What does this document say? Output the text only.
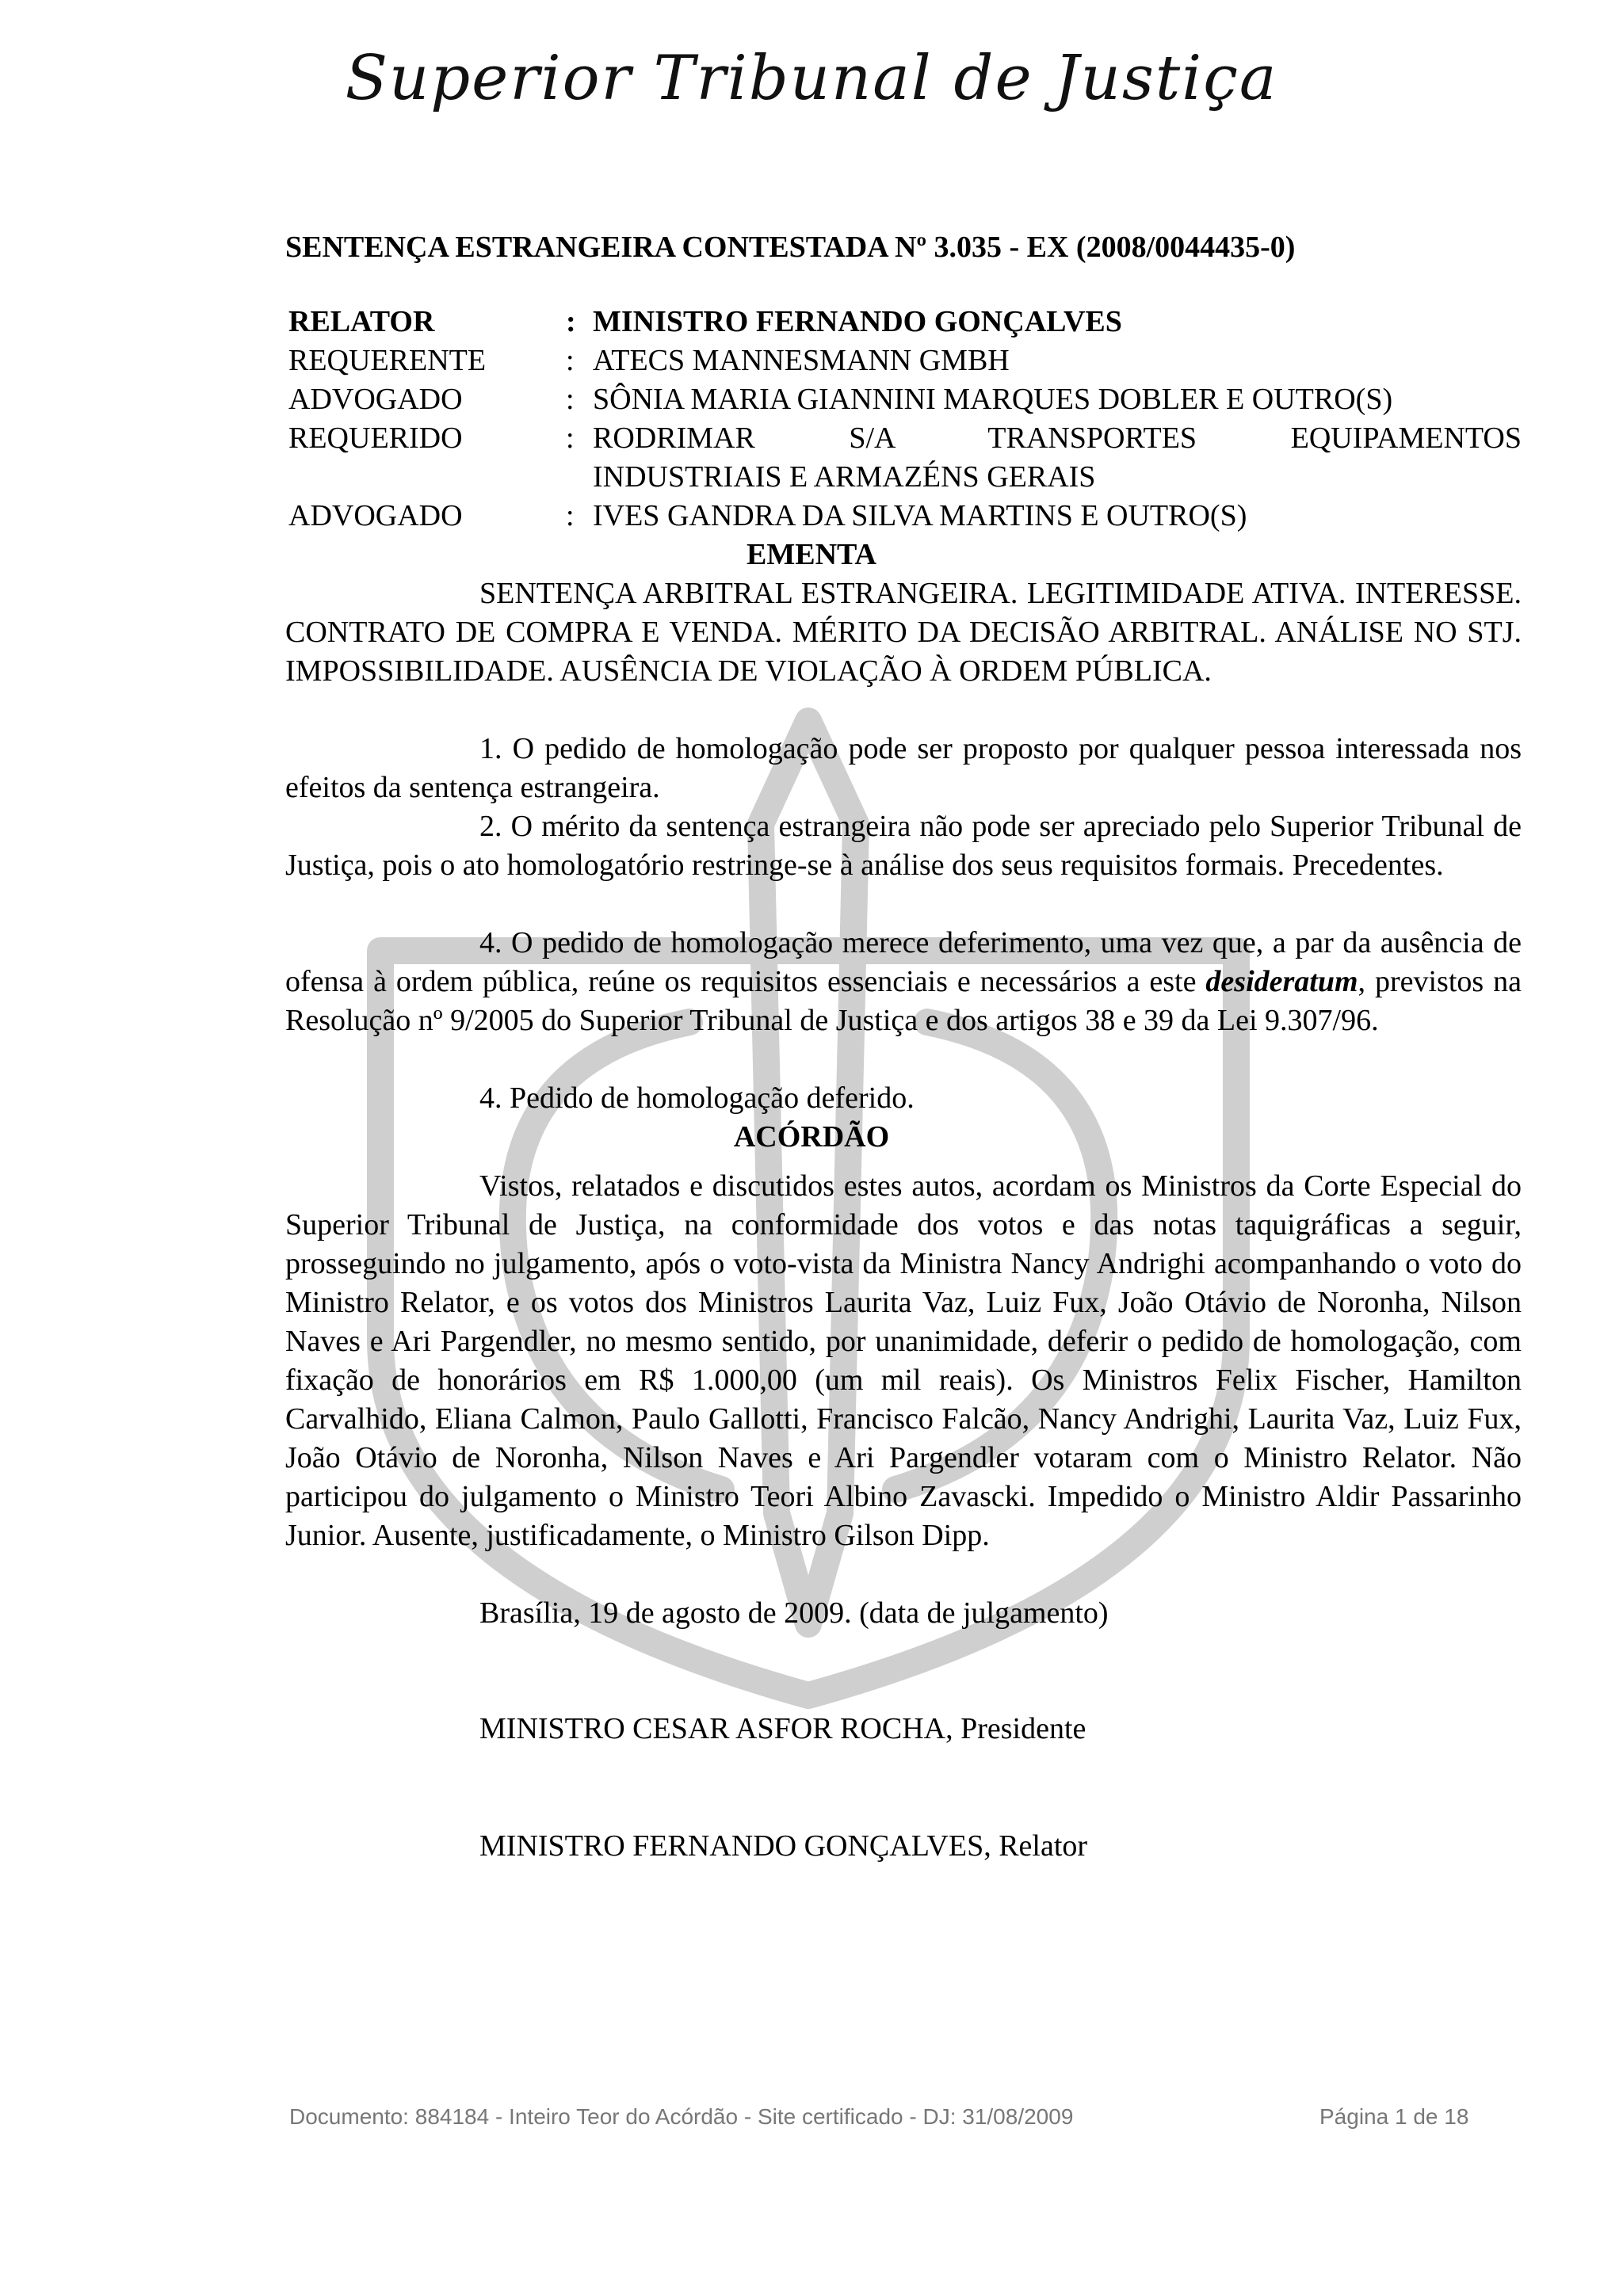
Superior Tribunal de Justiça
SENTENÇA ESTRANGEIRA CONTESTADA Nº 3.035 - EX (2008/0044435-0)
RELATOR	: MINISTRO FERNANDO GONÇALVES
REQUERENTE	: ATECS MANNESMANN GMBH
ADVOGADO	: SÔNIA MARIA GIANNINI MARQUES DOBLER E OUTRO(S)
REQUERIDO	: RODRIMAR S/A TRANSPORTES EQUIPAMENTOS
INDUSTRIAIS E ARMAZÉNS GERAIS
ADVOGADO	: IVES GANDRA DA SILVA MARTINS E OUTRO(S)
EMENTA

SENTENÇA ARBITRAL ESTRANGEIRA. LEGITIMIDADE ATIVA. INTERESSE. CONTRATO DE COMPRA E VENDA. MÉRITO DA DECISÃO ARBITRAL. ANÁLISE NO STJ. IMPOSSIBILIDADE. AUSÊNCIA DE VIOLAÇÃO À ORDEM PÚBLICA.

1. O pedido de homologação pode ser proposto por qualquer pessoa interessada nos efeitos da sentença estrangeira.

2. O mérito da sentença estrangeira não pode ser apreciado pelo Superior Tribunal de Justiça, pois o ato homologatório restringe-se à análise dos seus requisitos formais. Precedentes.

4. O pedido de homologação merece deferimento, uma vez que, a par da ausência de ofensa à ordem pública, reúne os requisitos essenciais e necessários a este desideratum, previstos na Resolução nº 9/2005 do Superior Tribunal de Justiça e dos artigos 38 e 39 da Lei 9.307/96.

4. Pedido de homologação deferido.
ACÓRDÃO

Vistos, relatados e discutidos estes autos, acordam os Ministros da Corte Especial do Superior Tribunal de Justiça, na conformidade dos votos e das notas taquigráficas a seguir, prosseguindo no julgamento, após o voto-vista da Ministra Nancy Andrighi acompanhando o voto do Ministro Relator, e os votos dos Ministros Laurita Vaz, Luiz Fux, João Otávio de Noronha, Nilson Naves e Ari Pargendler, no mesmo sentido, por unanimidade, deferir o pedido de homologação, com fixação de honorários em R$ 1.000,00 (um mil reais). Os Ministros Felix Fischer, Hamilton Carvalhido, Eliana Calmon, Paulo Gallotti, Francisco Falcão, Nancy Andrighi, Laurita Vaz, Luiz Fux, João Otávio de Noronha, Nilson Naves e Ari Pargendler votaram com o Ministro Relator. Não participou do julgamento o Ministro Teori Albino Zavascki. Impedido o Ministro Aldir Passarinho Junior. Ausente, justificadamente, o Ministro Gilson Dipp.

Brasília, 19 de agosto de 2009. (data de julgamento)
MINISTRO CESAR ASFOR ROCHA, Presidente
MINISTRO FERNANDO GONÇALVES, Relator
Documento: 884184 - Inteiro Teor do Acórdão - Site certificado - DJ: 31/08/2009	Página 1 de 18
